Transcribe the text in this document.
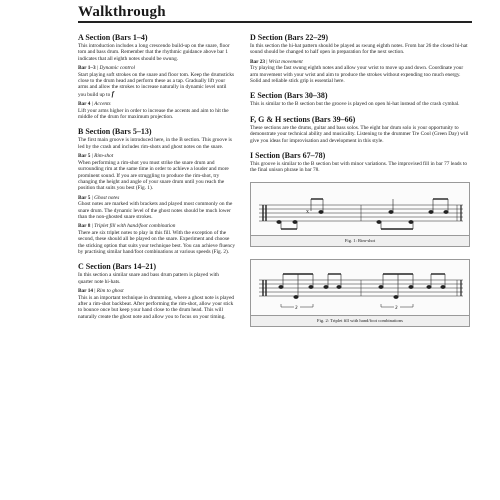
Walkthrough
A Section (Bars 1–4)

This introduction includes a long crescendo build-up on the snare, floor tom and bass drum. Remember that the rhythmic guidance above bar 1 indicates that all eighth notes should be swung.

Bar 1–3 | Dynamic control

Start playing soft strokes on the snare and floor tom. Keep the drumsticks close to the drum head and perform these as a tap. Gradually lift your arms and allow the strokes to increase naturally in dynamic level until you build up to f

Bar 4 | Accents

Lift your arms higher in order to increase the accents and aim to hit the middle of the drum for maximum projection.

B Section (Bars 5–13)

The first main groove is introduced here, in the B section. This groove is led by the crash and includes rim-shots and ghost notes on the snare.

Bar 5 | Rim-shot

When performing a rim-shot you must strike the snare drum and surrounding rim at the same time in order to achieve a louder and more prominent sound. If you are struggling to produce the rim-shot, try changing the height and angle of your snare drum until you reach the position that suits you best (Fig. 1).

Bar 5 | Ghost notes

Ghost notes are marked with brackets and played most commonly on the snare drum. The dynamic level of the ghost notes should be much lower than the non-ghosted snare strokes.

Bar 8 | Triplet fill with hand/foot combination

There are six triplet notes to play in this fill. With the exception of the second, these should all be played on the snare. Experiment and choose the sticking option that suits your technique best. You can achieve fluency by practising similar hand/foot combinations at various speeds (Fig. 2).

C Section (Bars 14–21)

In this section a similar snare and bass drum pattern is played with quarter note hi-hats.

Bar 14 | Rim to ghost

This is an important technique in drumming, where a ghost note is played after a rim-shot backbeat. After performing the rim-shot, allow your stick to bounce once but keep your hand close to the drum head. This will naturally create the ghost note and allow you to focus on your timing.

D Section (Bars 22–29)

In this section the hi-hat pattern should be played as swung eighth notes. From bar 26 the closed hi-hat sound should be changed to half open in preparation for the next section.

Bar 23 | Wrist movement

Try playing the fast swung eighth notes and allow your wrist to move up and down. Coordinate your arm movement with your wrist and aim to produce the strokes without expending too much energy. Solid and reliable stick grip is essential here.

E Section (Bars 30–38)

This is similar to the B section but the groove is played on open hi-hat instead of the crash cymbal.

F, G & H sections (Bars 39–66)

These sections are the drums, guitar and bass solos. The eight bar drum solo is your opportunity to demonstrate your technical ability and musicality. Listening to the drummer Tre Cool (Green Day) will give you ideas for improvisation and development in this style.

I Section (Bars 67–78)

This groove is similar to the B section but with minor variations. The improvised fill in bar 77 leads to the final unison phrase in bar 78.

x
Fig. 1: Rim-shot
3	3
Fig. 2: Triplet fill with hand/foot combinations
